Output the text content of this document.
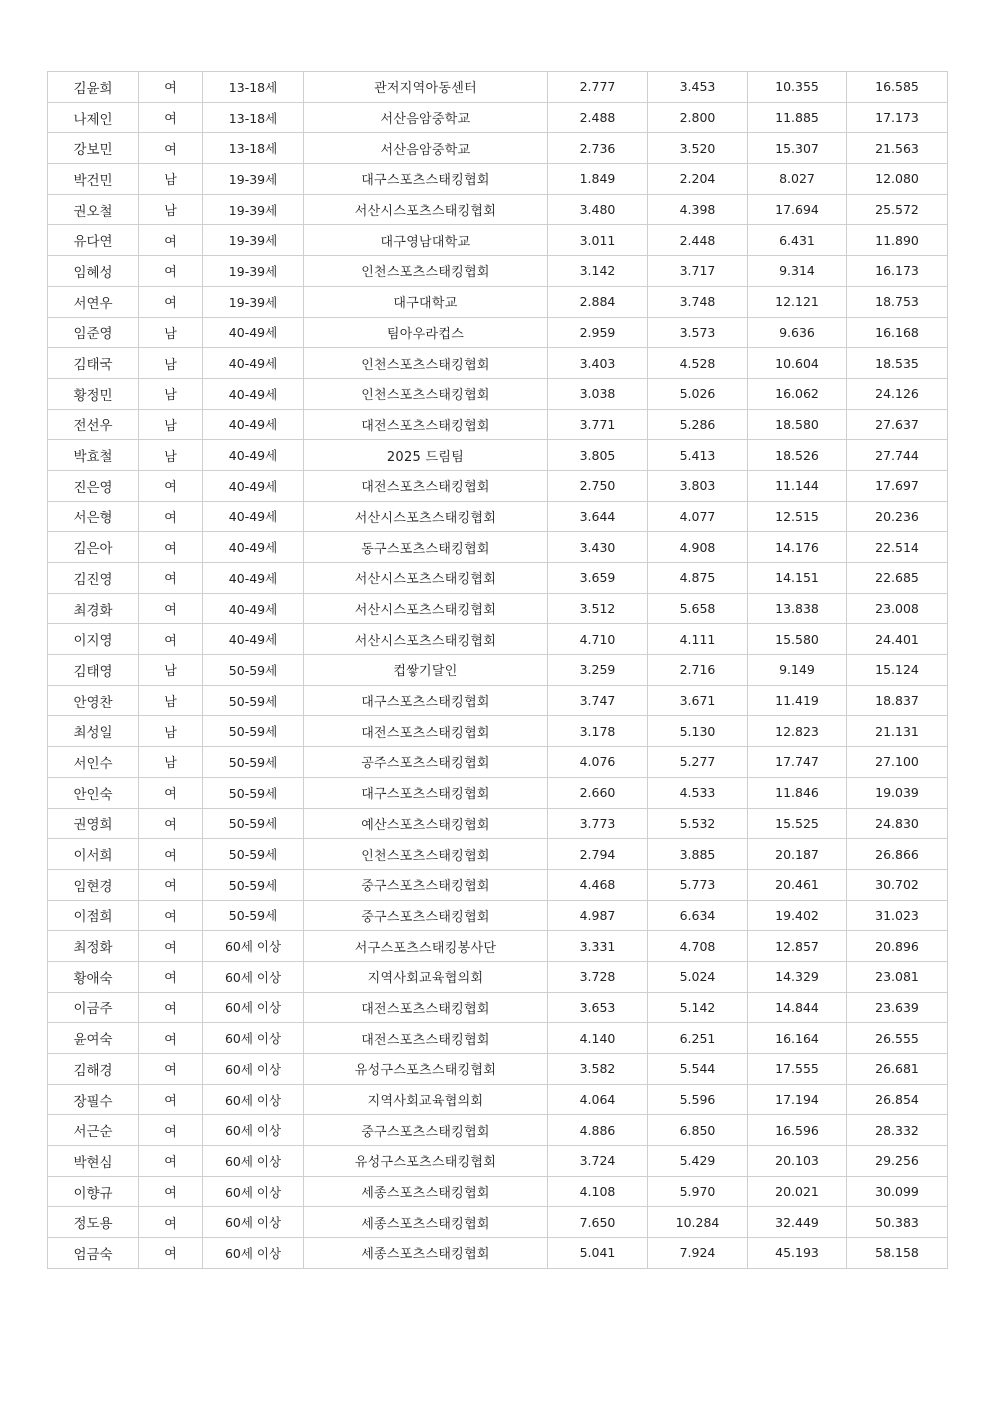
김윤희	여	13-18세	관저지역아동센터	2.777	3.453	10.355	16.585
나제인	여	13-18세	서산음암중학교	2.488	2.800	11.885	17.173
강보민	여	13-18세	서산음암중학교	2.736	3.520	15.307	21.563
박건민	남	19-39세	대구스포츠스태킹협회	1.849	2.204	8.027	12.080
권오철	남	19-39세	서산시스포츠스태킹협회	3.480	4.398	17.694	25.572
유다연	여	19-39세	대구영남대학교	3.011	2.448	6.431	11.890
임혜성	여	19-39세	인천스포츠스태킹협회	3.142	3.717	9.314	16.173
서연우	여	19-39세	대구대학교	2.884	3.748	12.121	18.753
임준영	남	40-49세	팀아우라컵스	2.959	3.573	9.636	16.168
김태국	남	40-49세	인천스포츠스태킹협회	3.403	4.528	10.604	18.535
황정민	남	40-49세	인천스포츠스태킹협회	3.038	5.026	16.062	24.126
전선우	남	40-49세	대전스포츠스태킹협회	3.771	5.286	18.580	27.637
박효철	남	40-49세	2025 드림팀	3.805	5.413	18.526	27.744
진은영	여	40-49세	대전스포츠스태킹협회	2.750	3.803	11.144	17.697
서은형	여	40-49세	서산시스포츠스태킹협회	3.644	4.077	12.515	20.236
김은아	여	40-49세	동구스포츠스태킹협회	3.430	4.908	14.176	22.514
김진영	여	40-49세	서산시스포츠스태킹협회	3.659	4.875	14.151	22.685
최경화	여	40-49세	서산시스포츠스태킹협회	3.512	5.658	13.838	23.008
이지영	여	40-49세	서산시스포츠스태킹협회	4.710	4.111	15.580	24.401
김태영	남	50-59세	컵쌓기달인	3.259	2.716	9.149	15.124
안영찬	남	50-59세	대구스포츠스태킹협회	3.747	3.671	11.419	18.837
최성일	남	50-59세	대전스포츠스태킹협회	3.178	5.130	12.823	21.131
서인수	남	50-59세	공주스포츠스태킹협회	4.076	5.277	17.747	27.100
안인숙	여	50-59세	대구스포츠스태킹협회	2.660	4.533	11.846	19.039
권영희	여	50-59세	예산스포츠스태킹협회	3.773	5.532	15.525	24.830
이서희	여	50-59세	인천스포츠스태킹협회	2.794	3.885	20.187	26.866
임현경	여	50-59세	중구스포츠스태킹협회	4.468	5.773	20.461	30.702
이점희	여	50-59세	중구스포츠스태킹협회	4.987	6.634	19.402	31.023
최정화	여	60세 이상	서구스포츠스태킹봉사단	3.331	4.708	12.857	20.896
황애숙	여	60세 이상	지역사회교육협의회	3.728	5.024	14.329	23.081
이금주	여	60세 이상	대전스포츠스태킹협회	3.653	5.142	14.844	23.639
윤여숙	여	60세 이상	대전스포츠스태킹협회	4.140	6.251	16.164	26.555
김해경	여	60세 이상	유성구스포츠스태킹협회	3.582	5.544	17.555	26.681
장필수	여	60세 이상	지역사회교육협의회	4.064	5.596	17.194	26.854
서근순	여	60세 이상	중구스포츠스태킹협회	4.886	6.850	16.596	28.332
박현심	여	60세 이상	유성구스포츠스태킹협회	3.724	5.429	20.103	29.256
이향규	여	60세 이상	세종스포츠스태킹협회	4.108	5.970	20.021	30.099
정도용	여	60세 이상	세종스포츠스태킹협회	7.650	10.284	32.449	50.383
엄금숙	여	60세 이상	세종스포츠스태킹협회	5.041	7.924	45.193	58.158
